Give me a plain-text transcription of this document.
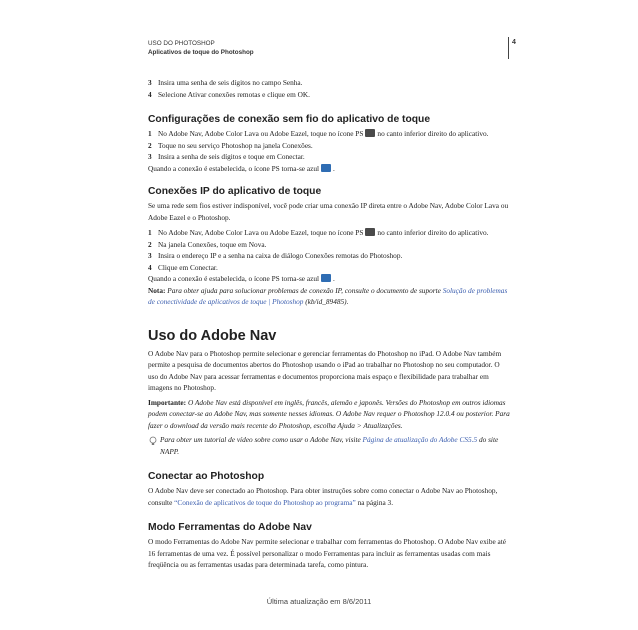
USO DO PHOTOSHOP
Aplicativos de toque do Photoshop
4

3 Insira uma senha de seis dígitos no campo Senha.

4 Selecione Ativar conexões remotas e clique em OK.

Configurações de conexão sem fio do aplicativo de toque

1 No Adobe Nav, Adobe Color Lava ou Adobe Eazel, toque no ícone PS no canto inferior direito do aplicativo.

2 Toque no seu serviço Photoshop na janela Conexões.

3 Insira a senha de seis dígitos e toque em Conectar.

Quando a conexão é estabelecida, o ícone PS torna-se azul .

Conexões IP do aplicativo de toque

Se uma rede sem fios estiver indisponível, você pode criar uma conexão IP direta entre o Adobe Nav, Adobe Color Lava ou Adobe Eazel e o Photoshop.

1 No Adobe Nav, Adobe Color Lava ou Adobe Eazel, toque no ícone PS no canto inferior direito do aplicativo.

2 Na janela Conexões, toque em Nova.

3 Insira o endereço IP e a senha na caixa de diálogo Conexões remotas do Photoshop.

4 Clique em Conectar.

Quando a conexão é estabelecida, o ícone PS torna-se azul .

Nota: Para obter ajuda para solucionar problemas de conexão IP, consulte o documento de suporte Solução de problemas de conectividade de aplicativos de toque | Photoshop (kb/id_89485).

Uso do Adobe Nav

O Adobe Nav para o Photoshop permite selecionar e gerenciar ferramentas do Photoshop no iPad. O Adobe Nav também permite a pesquisa de documentos abertos do Photoshop usando o iPad ao trabalhar no Photoshop no seu computador. O uso do Adobe Nav para acessar ferramentas e documentos proporciona mais espaço e flexibilidade para trabalhar em imagens no Photoshop.

Importante: O Adobe Nav está disponível em inglês, francês, alemão e japonês. Versões do Photoshop em outros idiomas podem conectar-se ao Adobe Nav, mas somente nesses idiomas. O Adobe Nav requer o Photoshop 12.0.4 ou posterior. Para fazer o download da versão mais recente do Photoshop, escolha Ajuda > Atualizações.

Para obter um tutorial de vídeo sobre como usar o Adobe Nav, visite Página de atualização do Adobe CS5.5 do site NAPP.

Conectar ao Photoshop

O Adobe Nav deve ser conectado ao Photoshop. Para obter instruções sobre como conectar o Adobe Nav ao Photoshop, consulte “Conexão de aplicativos de toque do Photoshop ao programa” na página 3.

Modo Ferramentas do Adobe Nav

O modo Ferramentas do Adobe Nav permite selecionar e trabalhar com ferramentas do Photoshop. O Adobe Nav exibe até 16 ferramentas de uma vez. É possível personalizar o modo Ferramentas para incluir as ferramentas usadas com mais freqüência ou as ferramentas usadas para determinada tarefa, como pintura.

Última atualização em 8/6/2011
